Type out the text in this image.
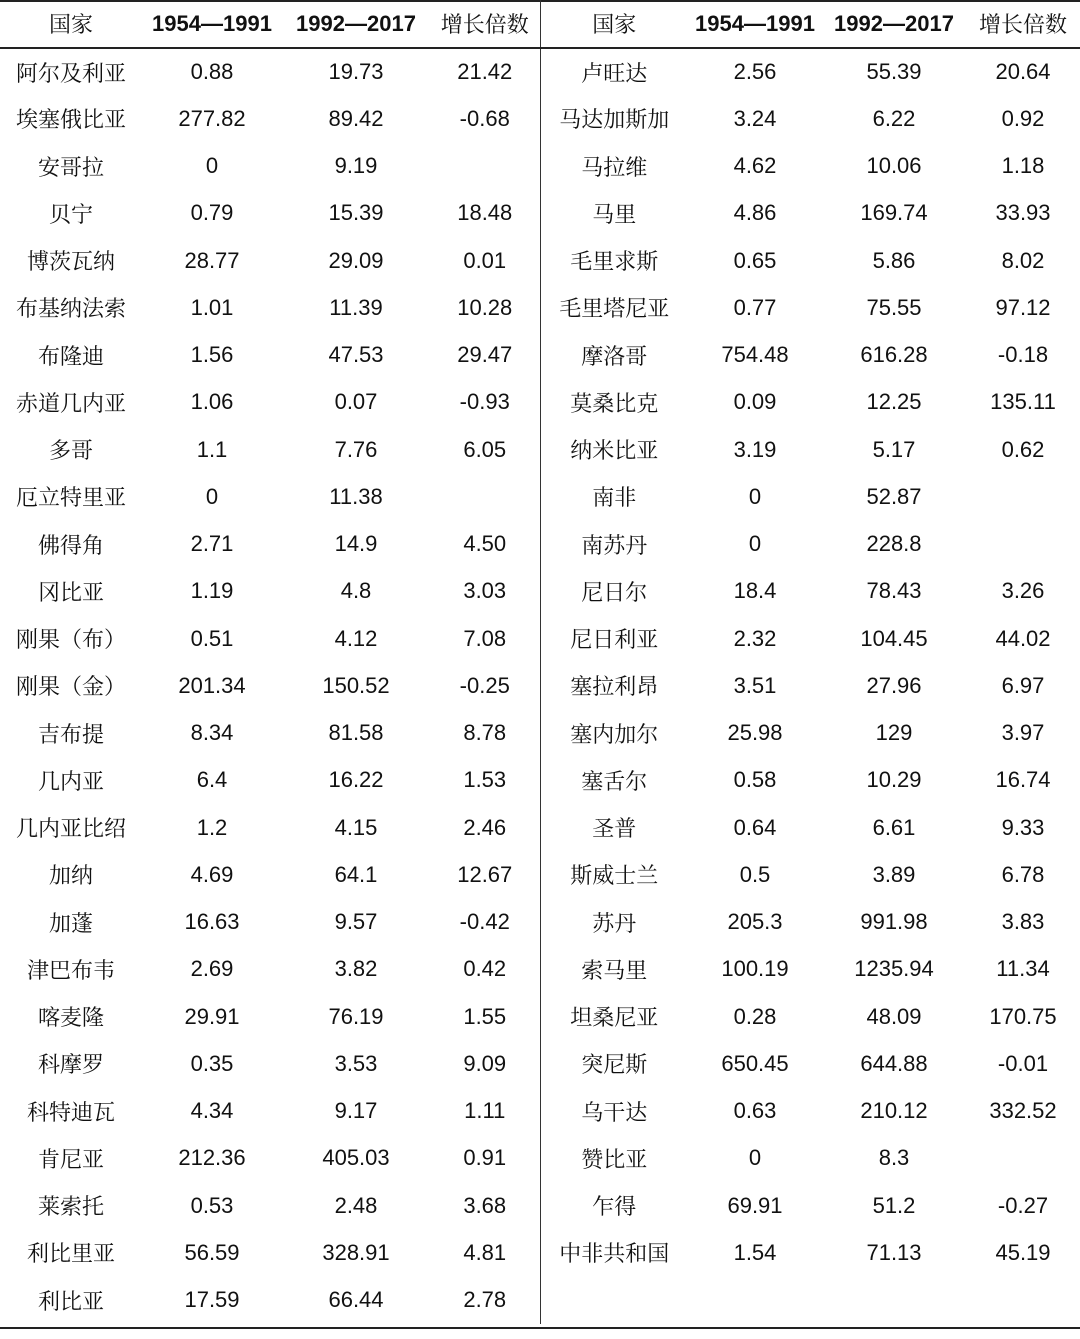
国家	1954—1991	1992—2017	增长倍数	国家	1954—1991	1992—2017	增长倍数
阿尔及利亚	0.88	19.73	21.42	卢旺达	2.56	55.39	20.64
埃塞俄比亚	277.82	89.42	-0.68	马达加斯加	3.24	6.22	0.92
安哥拉	0	9.19		马拉维	4.62	10.06	1.18
贝宁	0.79	15.39	18.48	马里	4.86	169.74	33.93
博茨瓦纳	28.77	29.09	0.01	毛里求斯	0.65	5.86	8.02
布基纳法索	1.01	11.39	10.28	毛里塔尼亚	0.77	75.55	97.12
布隆迪	1.56	47.53	29.47	摩洛哥	754.48	616.28	-0.18
赤道几内亚	1.06	0.07	-0.93	莫桑比克	0.09	12.25	135.11
多哥	1.1	7.76	6.05	纳米比亚	3.19	5.17	0.62
厄立特里亚	0	11.38		南非	0	52.87	
佛得角	2.71	14.9	4.50	南苏丹	0	228.8	
冈比亚	1.19	4.8	3.03	尼日尔	18.4	78.43	3.26
刚果（布）	0.51	4.12	7.08	尼日利亚	2.32	104.45	44.02
刚果（金）	201.34	150.52	-0.25	塞拉利昂	3.51	27.96	6.97
吉布提	8.34	81.58	8.78	塞内加尔	25.98	129	3.97
几内亚	6.4	16.22	1.53	塞舌尔	0.58	10.29	16.74
几内亚比绍	1.2	4.15	2.46	圣普	0.64	6.61	9.33
加纳	4.69	64.1	12.67	斯威士兰	0.5	3.89	6.78
加蓬	16.63	9.57	-0.42	苏丹	205.3	991.98	3.83
津巴布韦	2.69	3.82	0.42	索马里	100.19	1235.94	11.34
喀麦隆	29.91	76.19	1.55	坦桑尼亚	0.28	48.09	170.75
科摩罗	0.35	3.53	9.09	突尼斯	650.45	644.88	-0.01
科特迪瓦	4.34	9.17	1.11	乌干达	0.63	210.12	332.52
肯尼亚	212.36	405.03	0.91	赞比亚	0	8.3	
莱索托	0.53	2.48	3.68	乍得	69.91	51.2	-0.27
利比里亚	56.59	328.91	4.81	中非共和国	1.54	71.13	45.19
利比亚	17.59	66.44	2.78				
